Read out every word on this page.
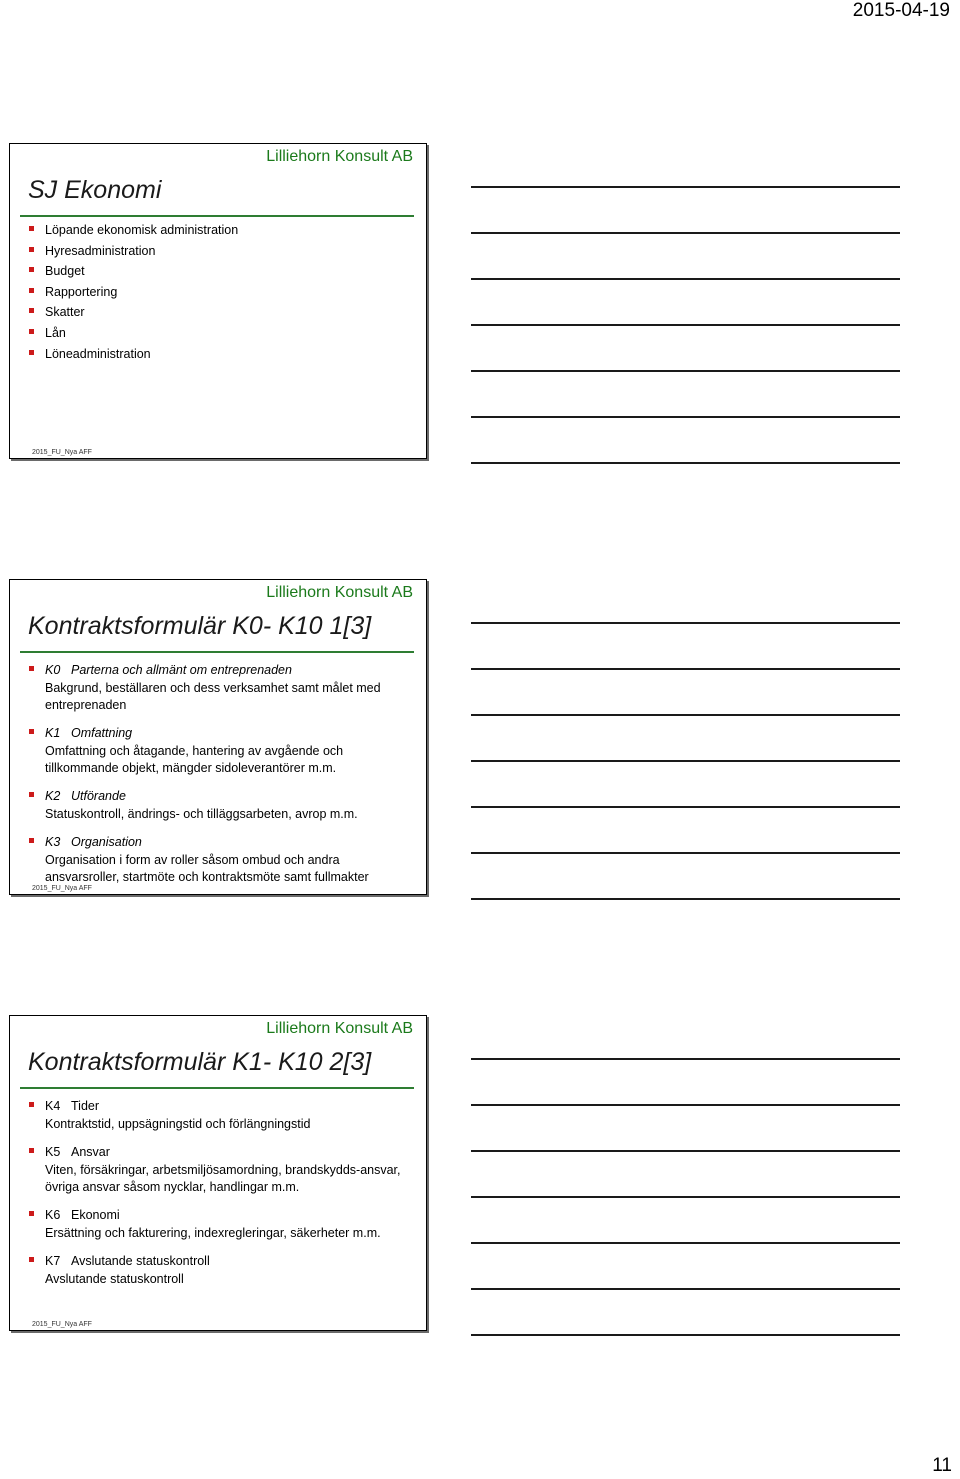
2015-04-19
Lilliehorn Konsult AB
SJ Ekonomi
Löpande ekonomisk administration
Hyresadministration
Budget
Rapportering
Skatter
Lån
Löneadministration
2015_FU_Nya AFF
Lilliehorn Konsult AB
Kontraktsformulär K0- K10 1[3]
K0 Parterna och allmänt om entreprenaden
Bakgrund, beställaren och dess verksamhet samt målet med entreprenaden
K1 Omfattning
Omfattning och åtagande, hantering av avgående och tillkommande objekt, mängder sidoleverantörer m.m.
K2 Utförande
Statuskontroll, ändrings- och tilläggsarbeten, avrop m.m.
K3 Organisation
Organisation i form av roller såsom ombud och andra ansvarsroller, startmöte och kontraktsmöte samt fullmakter
2015_FU_Nya AFF
Lilliehorn Konsult AB
Kontraktsformulär K1- K10 2[3]
K4 Tider
Kontraktstid, uppsägningstid och förlängningstid
K5 Ansvar
Viten, försäkringar, arbetsmiljösamordning, brandskydds-ansvar, övriga ansvar såsom nycklar, handlingar m.m.
K6 Ekonomi
Ersättning och fakturering, indexregleringar, säkerheter m.m.
K7 Avslutande statuskontroll
Avslutande statuskontroll
2015_FU_Nya AFF
11
